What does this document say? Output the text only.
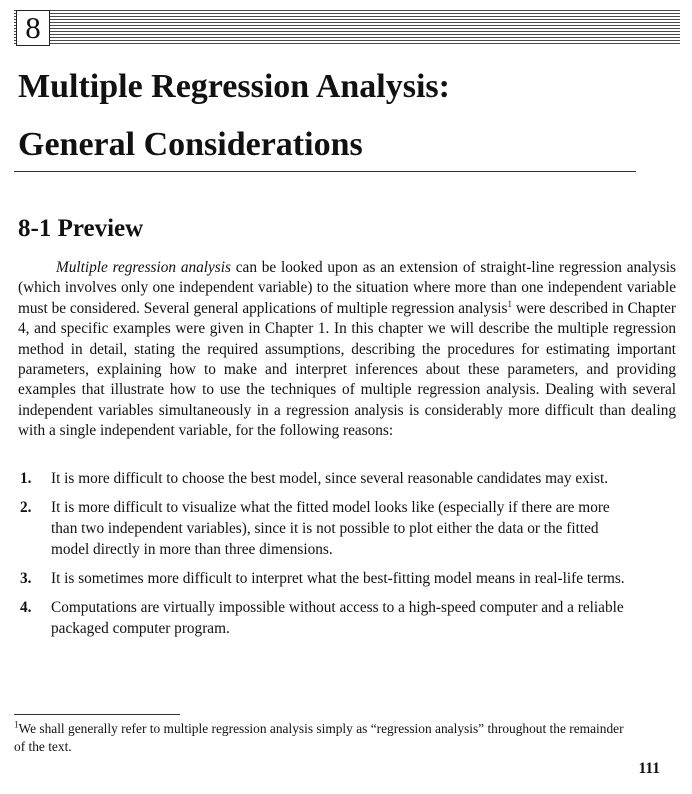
8
Multiple Regression Analysis:
General Considerations
8-1 Preview

Multiple regression analysis can be looked upon as an extension of straight-line regression analysis (which involves only one independent variable) to the situation where more than one independent variable must be considered. Several general applications of multiple regression analysis$^1$ were described in Chapter 4, and specific examples were given in Chapter 1. In this chapter we will describe the multiple regression method in detail, stating the required assumptions, describing the procedures for estimating important parameters, explaining how to make and interpret inferences about these parameters, and providing examples that illustrate how to use the techniques of multiple regression analysis. Dealing with several independent variables simultaneously in a regression analysis is considerably more difficult than dealing with a single independent variable, for the following reasons:

1.	It is more difficult to choose the best model, since several reasonable candidates may exist.
2.	It is more difficult to visualize what the fitted model looks like (especially if there are more than two independent variables), since it is not possible to plot either the data or the fitted model directly in more than three dimensions.
3.	It is sometimes more difficult to interpret what the best-fitting model means in real-life terms.
4.	Computations are virtually impossible without access to a high-speed computer and a reliable packaged computer program.

$^1$We shall generally refer to multiple regression analysis simply as “regression analysis” throughout the remainder of the text.

111
